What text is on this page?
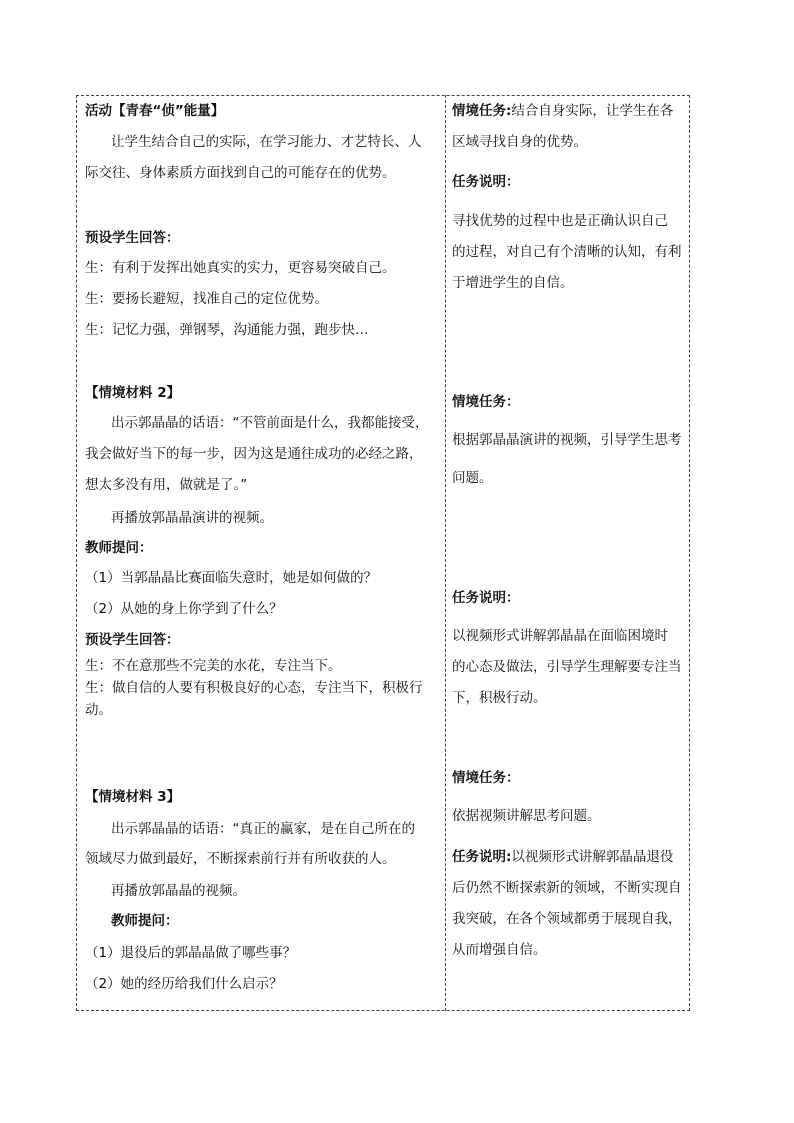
活动【青春“侦”能量】
让学生结合自己的实际，在学习能力、才艺特长、人
际交往、身体素质方面找到自己的可能存在的优势。
预设学生回答：
生：有利于发挥出她真实的实力，更容易突破自己。
生：要扬长避短，找准自己的定位优势。
生：记忆力强，弹钢琴，沟通能力强，跑步快…
【情境材料 2】
出示郭晶晶的话语：“不管前面是什么，我都能接受，
我会做好当下的每一步，因为这是通往成功的必经之路，
想太多没有用，做就是了。”
再播放郭晶晶演讲的视频。
教师提问：
（1）当郭晶晶比赛面临失意时，她是如何做的？
（2）从她的身上你学到了什么？
预设学生回答：
生：不在意那些不完美的水花，专注当下。
生：做自信的人要有积极良好的心态，专注当下，积极行
动。
【情境材料 3】
出示郭晶晶的话语：“真正的赢家，是在自己所在的
领域尽力做到最好，不断探索前行并有所收获的人。
再播放郭晶晶的视频。
教师提问：
（1）退役后的郭晶晶做了哪些事？
（2）她的经历给我们什么启示？
情境任务:结合自身实际，让学生在各
区域寻找自身的优势。
任务说明：
寻找优势的过程中也是正确认识自己
的过程，对自己有个清晰的认知，有利
于增进学生的自信。
情境任务：
根据郭晶晶演讲的视频，引导学生思考
问题。
任务说明：
以视频形式讲解郭晶晶在面临困境时
的心态及做法，引导学生理解要专注当
下，积极行动。
情境任务：
依据视频讲解思考问题。
任务说明:以视频形式讲解郭晶晶退役
后仍然不断探索新的领域，不断实现自
我突破，在各个领域都勇于展现自我，
从而增强自信。
